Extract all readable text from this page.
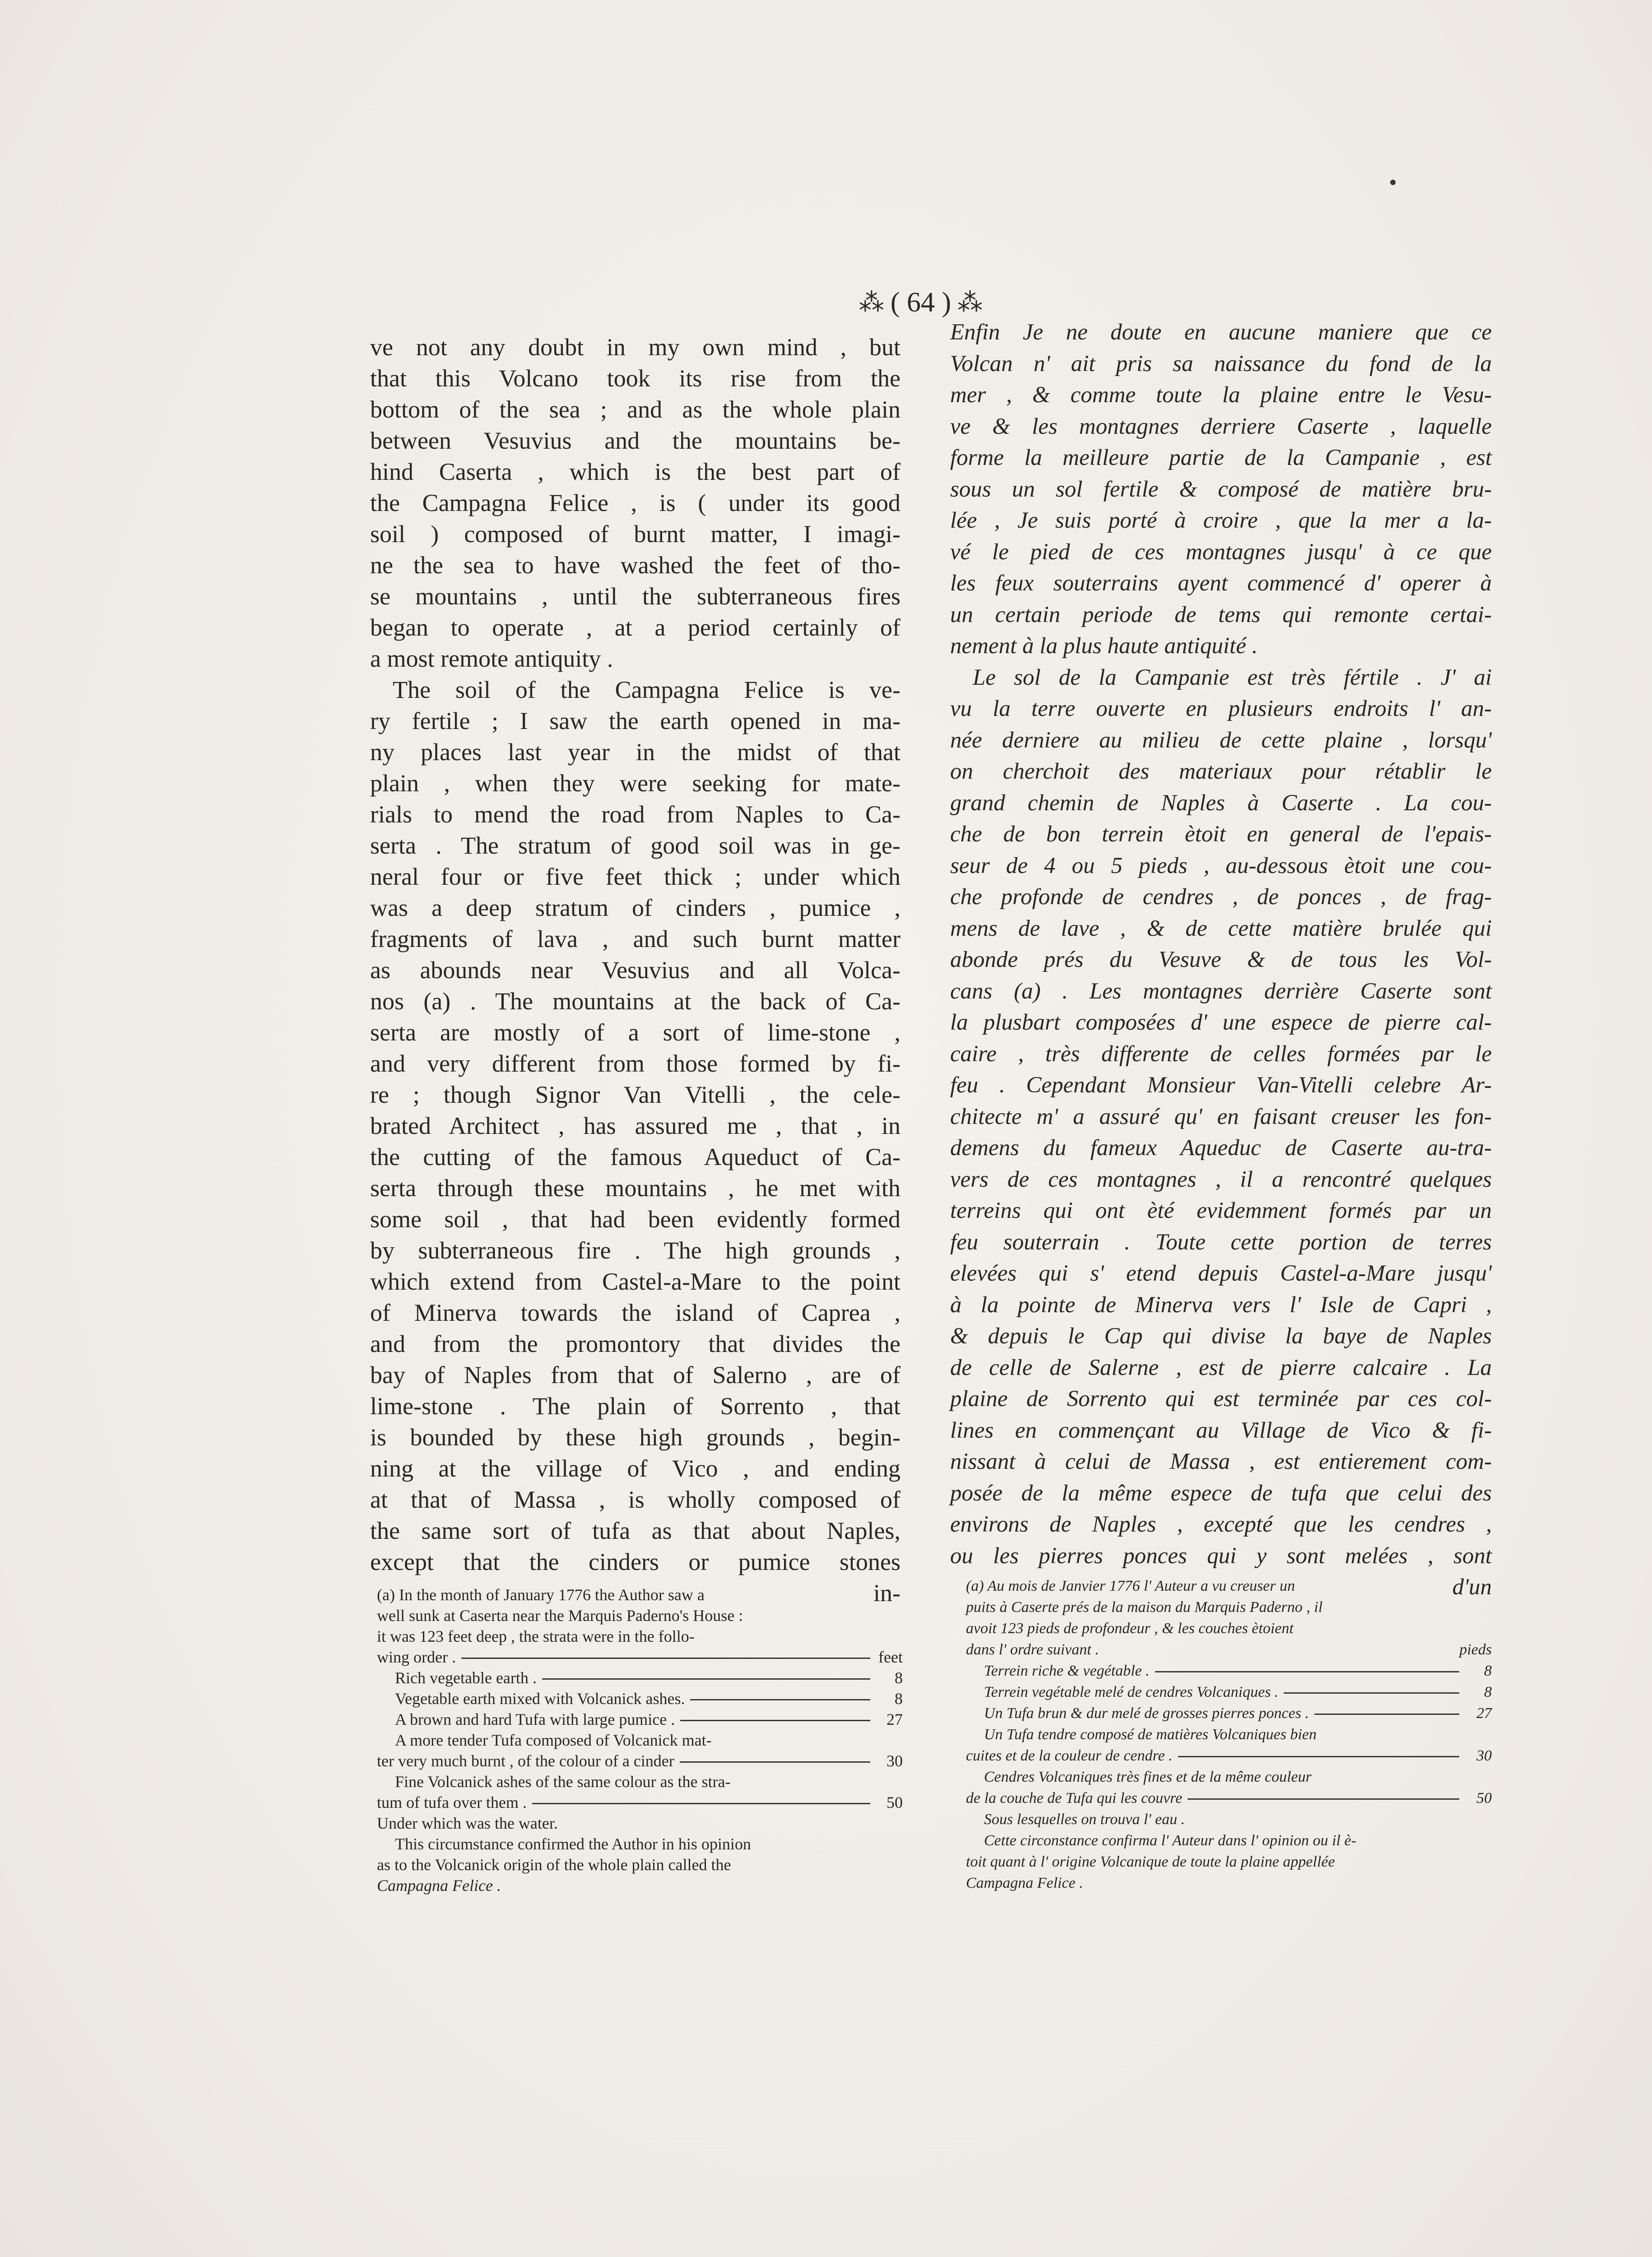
⁂ ( 64 ) ⁂
ve not any doubt in my own mind , but
that this Volcano took its rise from the
bottom of the sea ; and as the whole plain
between Vesuvius and the mountains be-
hind Caserta , which is the best part of
the Campagna Felice , is ( under its good
soil ) composed of burnt matter, I imagi-
ne the sea to have washed the feet of tho-
se mountains , until the subterraneous fires
began to operate , at a period certainly of
a most remote antiquity .
The soil of the Campagna Felice is ve-
ry fertile ; I saw the earth opened in ma-
ny places last year in the midst of that
plain , when they were seeking for mate-
rials to mend the road from Naples to Ca-
serta . The stratum of good soil was in ge-
neral four or five feet thick ; under which
was a deep stratum of cinders , pumice ,
fragments of lava , and such burnt matter
as abounds near Vesuvius and all Volca-
nos (a) . The mountains at the back of Ca-
serta are mostly of a sort of lime-stone ,
and very different from those formed by fi-
re ; though Signor Van Vitelli , the cele-
brated Architect , has assured me , that , in
the cutting of the famous Aqueduct of Ca-
serta through these mountains , he met with
some soil , that had been evidently formed
by subterraneous fire . The high grounds ,
which extend from Castel-a-Mare to the point
of Minerva towards the island of Caprea ,
and from the promontory that divides the
bay of Naples from that of Salerno , are of
lime-stone . The plain of Sorrento , that
is bounded by these high grounds , begin-
ning at the village of Vico , and ending
at that of Massa , is wholly composed of
the same sort of tufa as that about Naples,
except that the cinders or pumice stones
in-
(a) In the month of January 1776 the Author saw a
well sunk at Caserta near the Marquis Paderno's House :
it was 123 feet deep , the strata were in the follo-
wing order .	feet
Rich vegetable earth .	8
Vegetable earth mixed with Volcanick ashes.	8
A brown and hard Tufa with large pumice .	27
A more tender Tufa composed of Volcanick mat-
ter very much burnt , of the colour of a cinder	30
Fine Volcanick ashes of the same colour as the stra-
tum of tufa over them .	50
Under which was the water.
This circumstance confirmed the Author in his opinion
as to the Volcanick origin of the whole plain called the
Campagna Felice .
Enfin Je ne doute en aucune maniere que ce
Volcan n' ait pris sa naissance du fond de la
mer , & comme toute la plaine entre le Vesu-
ve & les montagnes derriere Caserte , laquelle
forme la meilleure partie de la Campanie , est
sous un sol fertile & composé de matière bru-
lée , Je suis porté à croire , que la mer a la-
vé le pied de ces montagnes jusqu' à ce que
les feux souterrains ayent commencé d' operer à
un certain periode de tems qui remonte certai-
nement à la plus haute antiquité .
Le sol de la Campanie est très fértile . J' ai
vu la terre ouverte en plusieurs endroits l' an-
née derniere au milieu de cette plaine , lorsqu'
on cherchoit des materiaux pour rétablir le
grand chemin de Naples à Caserte . La cou-
che de bon terrein ètoit en general de l'epais-
seur de 4 ou 5 pieds , au-dessous ètoit une cou-
che profonde de cendres , de ponces , de frag-
mens de lave , & de cette matière brulée qui
abonde prés du Vesuve & de tous les Vol-
cans (a) . Les montagnes derrière Caserte sont
la plusbart composées d' une espece de pierre cal-
caire , très differente de celles formées par le
feu . Cependant Monsieur Van-Vitelli celebre Ar-
chitecte m' a assuré qu' en faisant creuser les fon-
demens du fameux Aqueduc de Caserte au-tra-
vers de ces montagnes , il a rencontré quelques
terreins qui ont èté evidemment formés par un
feu souterrain . Toute cette portion de terres
elevées qui s' etend depuis Castel-a-Mare jusqu'
à la pointe de Minerva vers l' Isle de Capri ,
& depuis le Cap qui divise la baye de Naples
de celle de Salerne , est de pierre calcaire . La
plaine de Sorrento qui est terminée par ces col-
lines en commençant au Village de Vico & fi-
nissant à celui de Massa , est entierement com-
posée de la même espece de tufa que celui des
environs de Naples , excepté que les cendres ,
ou les pierres ponces qui y sont melées , sont
d'un
(a) Au mois de Janvier 1776 l' Auteur a vu creuser un
puits à Caserte prés de la maison du Marquis Paderno , il
avoit 123 pieds de profondeur , & les couches ètoient
dans l' ordre suivant .	pieds
Terrein riche & vegétable .	8
Terrein vegétable melé de cendres Volcaniques .	8
Un Tufa brun & dur melé de grosses pierres ponces .	27
Un Tufa tendre composé de matières Volcaniques bien
cuites et de la couleur de cendre .	30
Cendres Volcaniques très fines et de la même couleur
de la couche de Tufa qui les couvre	50
Sous lesquelles on trouva l' eau .
Cette circonstance confirma l' Auteur dans l' opinion ou il è-
toit quant à l' origine Volcanique de toute la plaine appellée
Campagna Felice .
